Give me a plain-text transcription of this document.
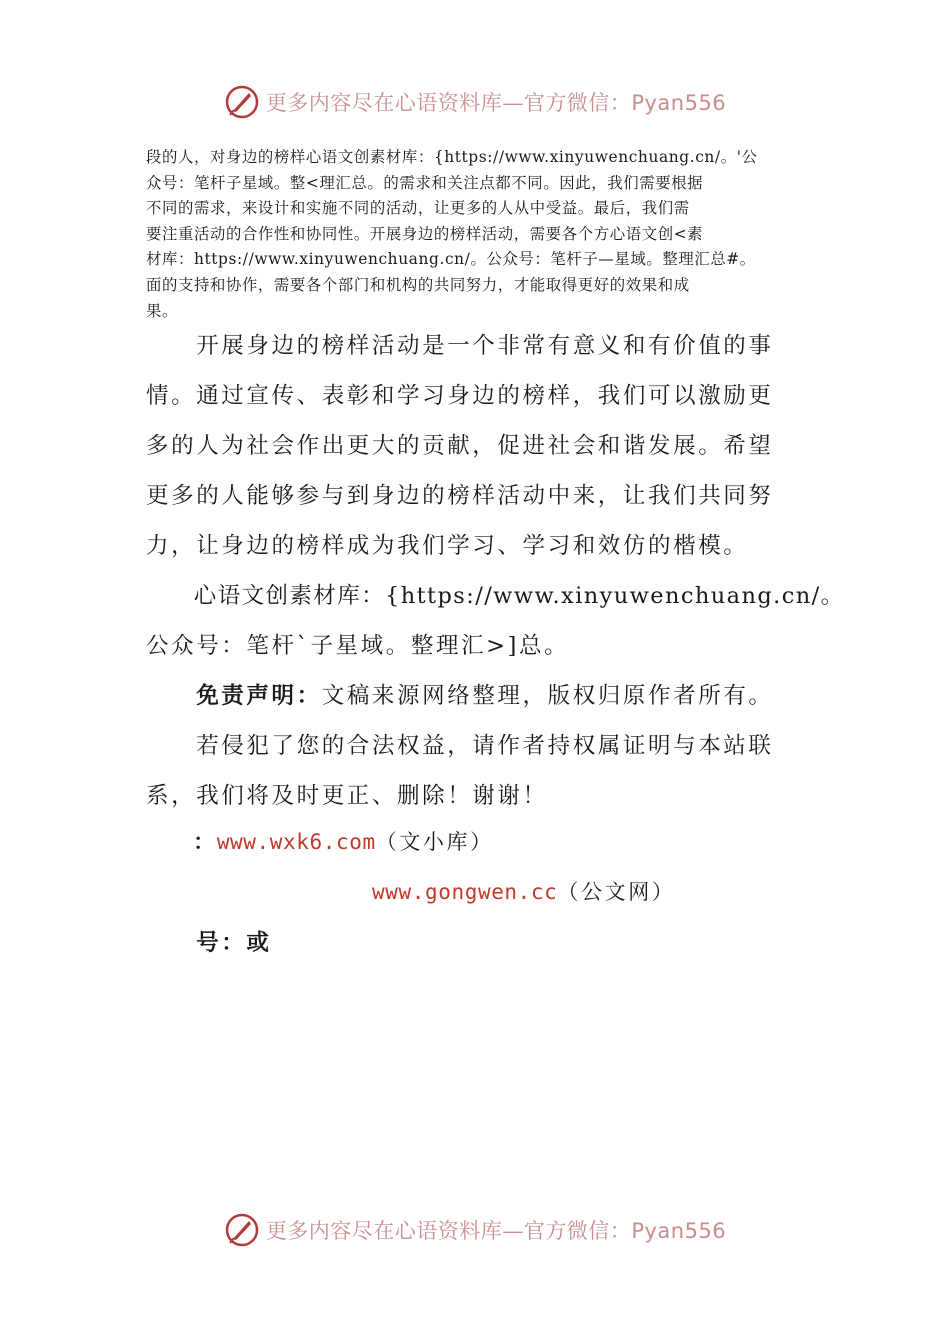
更多内容尽在心语资料库—官方微信：Pyan556
段的人，对身边的榜样心语文创素材库：{https://www.xinyuwenchuang.cn/。'公
众号：笔杆子星域。整<理汇总。的需求和关注点都不同。因此，我们需要根据
不同的需求，来设计和实施不同的活动，让更多的人从中受益。最后，我们需
要注重活动的合作性和协同性。开展身边的榜样活动，需要各个方心语文创<素
材库：https://www.xinyuwenchuang.cn/。公众号：笔杆子—星域。整理汇总#。
面的支持和协作，需要各个部门和机构的共同努力，才能取得更好的效果和成
果。
　　开展身边的榜样活动是一个非常有意义和有价值的事
情。通过宣传、表彰和学习身边的榜样，我们可以激励更
多的人为社会作出更大的贡献，促进社会和谐发展。希望
更多的人能够参与到身边的榜样活动中来，让我们共同努
力，让身边的榜样成为我们学习、学习和效仿的楷模。
　　心语文创素材库：{https://www.xinyuwenchuang.cn/。
公众号：笔杆`子星域。整理汇>]总。
　　免责声明：文稿来源网络整理，版权归原作者所有。
　　若侵犯了您的合法权益，请作者持权属证明与本站联
系，我们将及时更正、删除！谢谢！
　　：www.wxk6.com（文小库）
www.gongwen.cc（公文网）
　　号：或
更多内容尽在心语资料库—官方微信：Pyan556
